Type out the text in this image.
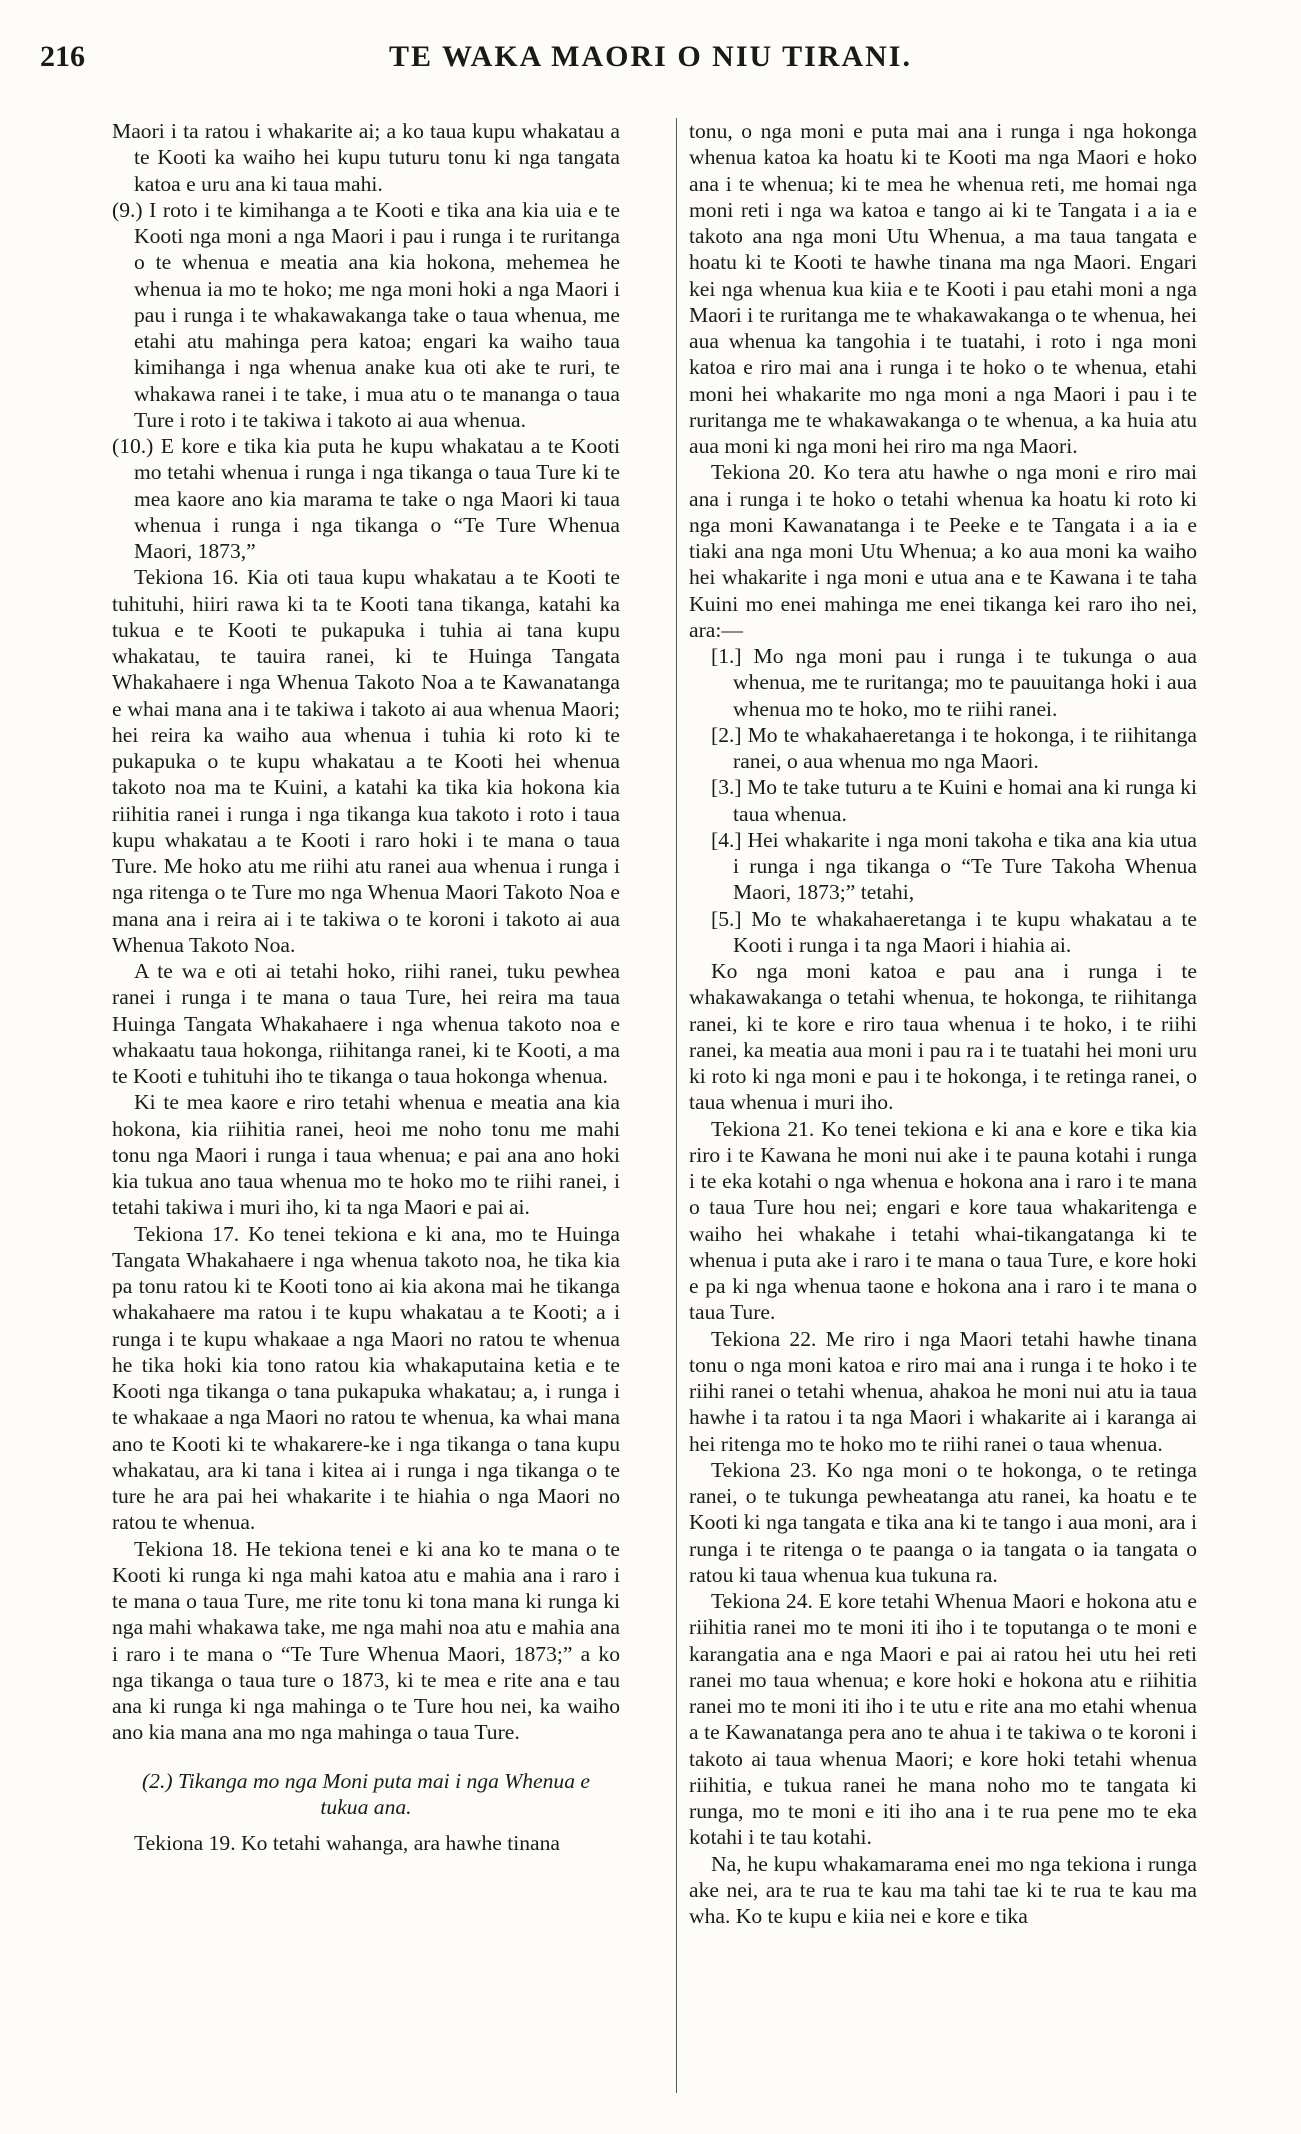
216	TE WAKA MAORI O NIU TIRANI.

Maori i ta ratou i whakarite ai; a ko taua kupu whakatau a te Kooti ka waiho hei kupu tuturu tonu ki nga tangata katoa e uru ana ki taua mahi.

(9.) I roto i te kimihanga a te Kooti e tika ana kia uia e te Kooti nga moni a nga Maori i pau i runga i te ruritanga o te whenua e meatia ana kia hokona, mehemea he whenua ia mo te hoko; me nga moni hoki a nga Maori i pau i runga i te whakawakanga take o taua whenua, me etahi atu mahinga pera katoa; engari ka waiho taua kimihanga i nga whenua anake kua oti ake te ruri, te whakawa ranei i te take, i mua atu o te mananga o taua Ture i roto i te takiwa i takoto ai aua whenua.

(10.) E kore e tika kia puta he kupu whakatau a te Kooti mo tetahi whenua i runga i nga tikanga o taua Ture ki te mea kaore ano kia marama te take o nga Maori ki taua whenua i runga i nga tikanga o “Te Ture Whenua Maori, 1873,”

Tekiona 16. Kia oti taua kupu whakatau a te Kooti te tuhituhi, hiiri rawa ki ta te Kooti tana tikanga, katahi ka tukua e te Kooti te pukapuka i tuhia ai tana kupu whakatau, te tauira ranei, ki te Huinga Tangata Whakahaere i nga Whenua Takoto Noa a te Kawanatanga e whai mana ana i te takiwa i takoto ai aua whenua Maori; hei reira ka waiho aua whenua i tuhia ki roto ki te pukapuka o te kupu whakatau a te Kooti hei whenua takoto noa ma te Kuini, a katahi ka tika kia hokona kia riihitia ranei i runga i nga tikanga kua takoto i roto i taua kupu whakatau a te Kooti i raro hoki i te mana o taua Ture. Me hoko atu me riihi atu ranei aua whenua i runga i nga ritenga o te Ture mo nga Whenua Maori Takoto Noa e mana ana i reira ai i te takiwa o te koroni i takoto ai aua Whenua Takoto Noa.

A te wa e oti ai tetahi hoko, riihi ranei, tuku pewhea ranei i runga i te mana o taua Ture, hei reira ma taua Huinga Tangata Whakahaere i nga whenua takoto noa e whakaatu taua hokonga, riihitanga ranei, ki te Kooti, a ma te Kooti e tuhituhi iho te tikanga o taua hokonga whenua.

Ki te mea kaore e riro tetahi whenua e meatia ana kia hokona, kia riihitia ranei, heoi me noho tonu me mahi tonu nga Maori i runga i taua whenua; e pai ana ano hoki kia tukua ano taua whenua mo te hoko mo te riihi ranei, i tetahi takiwa i muri iho, ki ta nga Maori e pai ai.

Tekiona 17. Ko tenei tekiona e ki ana, mo te Huinga Tangata Whakahaere i nga whenua takoto noa, he tika kia pa tonu ratou ki te Kooti tono ai kia akona mai he tikanga whakahaere ma ratou i te kupu whakatau a te Kooti; a i runga i te kupu whakaae a nga Maori no ratou te whenua he tika hoki kia tono ratou kia whakaputaina ketia e te Kooti nga tikanga o tana pukapuka whakatau; a, i runga i te whakaae a nga Maori no ratou te whenua, ka whai mana ano te Kooti ki te whakarere-ke i nga tikanga o tana kupu whakatau, ara ki tana i kitea ai i runga i nga tikanga o te ture he ara pai hei whakarite i te hiahia o nga Maori no ratou te whenua.

Tekiona 18. He tekiona tenei e ki ana ko te mana o te Kooti ki runga ki nga mahi katoa atu e mahia ana i raro i te mana o taua Ture, me rite tonu ki tona mana ki runga ki nga mahi whakawa take, me nga mahi noa atu e mahia ana i raro i te mana o “Te Ture Whenua Maori, 1873;” a ko nga tikanga o taua ture o 1873, ki te mea e rite ana e tau ana ki runga ki nga mahinga o te Ture hou nei, ka waiho ano kia mana ana mo nga mahinga o taua Ture.

(2.) Tikanga mo nga Moni puta mai i nga Whenua e tukua ana.

Tekiona 19. Ko tetahi wahanga, ara hawhe tinana

tonu, o nga moni e puta mai ana i runga i nga hokonga whenua katoa ka hoatu ki te Kooti ma nga Maori e hoko ana i te whenua; ki te mea he whenua reti, me homai nga moni reti i nga wa katoa e tango ai ki te Tangata i a ia e takoto ana nga moni Utu Whenua, a ma taua tangata e hoatu ki te Kooti te hawhe tinana ma nga Maori. Engari kei nga whenua kua kiia e te Kooti i pau etahi moni a nga Maori i te ruritanga me te whakawakanga o te whenua, hei aua whenua ka tangohia i te tuatahi, i roto i nga moni katoa e riro mai ana i runga i te hoko o te whenua, etahi moni hei whakarite mo nga moni a nga Maori i pau i te ruritanga me te whakawakanga o te whenua, a ka huia atu aua moni ki nga moni hei riro ma nga Maori.

Tekiona 20. Ko tera atu hawhe o nga moni e riro mai ana i runga i te hoko o tetahi whenua ka hoatu ki roto ki nga moni Kawanatanga i te Peeke e te Tangata i a ia e tiaki ana nga moni Utu Whenua; a ko aua moni ka waiho hei whakarite i nga moni e utua ana e te Kawana i te taha Kuini mo enei mahinga me enei tikanga kei raro iho nei, ara:—

[1.] Mo nga moni pau i runga i te tukunga o aua whenua, me te ruritanga; mo te pauuitanga hoki i aua whenua mo te hoko, mo te riihi ranei.

[2.] Mo te whakahaeretanga i te hokonga, i te riihitanga ranei, o aua whenua mo nga Maori.

[3.] Mo te take tuturu a te Kuini e homai ana ki runga ki taua whenua.

[4.] Hei whakarite i nga moni takoha e tika ana kia utua i runga i nga tikanga o “Te Ture Takoha Whenua Maori, 1873;” tetahi,

[5.] Mo te whakahaeretanga i te kupu whakatau a te Kooti i runga i ta nga Maori i hiahia ai.

Ko nga moni katoa e pau ana i runga i te whakawakanga o tetahi whenua, te hokonga, te riihitanga ranei, ki te kore e riro taua whenua i te hoko, i te riihi ranei, ka meatia aua moni i pau ra i te tuatahi hei moni uru ki roto ki nga moni e pau i te hokonga, i te retinga ranei, o taua whenua i muri iho.

Tekiona 21. Ko tenei tekiona e ki ana e kore e tika kia riro i te Kawana he moni nui ake i te pauna kotahi i runga i te eka kotahi o nga whenua e hokona ana i raro i te mana o taua Ture hou nei; engari e kore taua whakaritenga e waiho hei whakahe i tetahi whai-tikangatanga ki te whenua i puta ake i raro i te mana o taua Ture, e kore hoki e pa ki nga whenua taone e hokona ana i raro i te mana o taua Ture.

Tekiona 22. Me riro i nga Maori tetahi hawhe tinana tonu o nga moni katoa e riro mai ana i runga i te hoko i te riihi ranei o tetahi whenua, ahakoa he moni nui atu ia taua hawhe i ta ratou i ta nga Maori i whakarite ai i karanga ai hei ritenga mo te hoko mo te riihi ranei o taua whenua.

Tekiona 23. Ko nga moni o te hokonga, o te retinga ranei, o te tukunga pewheatanga atu ranei, ka hoatu e te Kooti ki nga tangata e tika ana ki te tango i aua moni, ara i runga i te ritenga o te paanga o ia tangata o ia tangata o ratou ki taua whenua kua tukuna ra.

Tekiona 24. E kore tetahi Whenua Maori e hokona atu e riihitia ranei mo te moni iti iho i te toputanga o te moni e karangatia ana e nga Maori e pai ai ratou hei utu hei reti ranei mo taua whenua; e kore hoki e hokona atu e riihitia ranei mo te moni iti iho i te utu e rite ana mo etahi whenua a te Kawanatanga pera ano te ahua i te takiwa o te koroni i takoto ai taua whenua Maori; e kore hoki tetahi whenua riihitia, e tukua ranei he mana noho mo te tangata ki runga, mo te moni e iti iho ana i te rua pene mo te eka kotahi i te tau kotahi.

Na, he kupu whakamarama enei mo nga tekiona i runga ake nei, ara te rua te kau ma tahi tae ki te rua te kau ma wha. Ko te kupu e kiia nei e kore e tika
